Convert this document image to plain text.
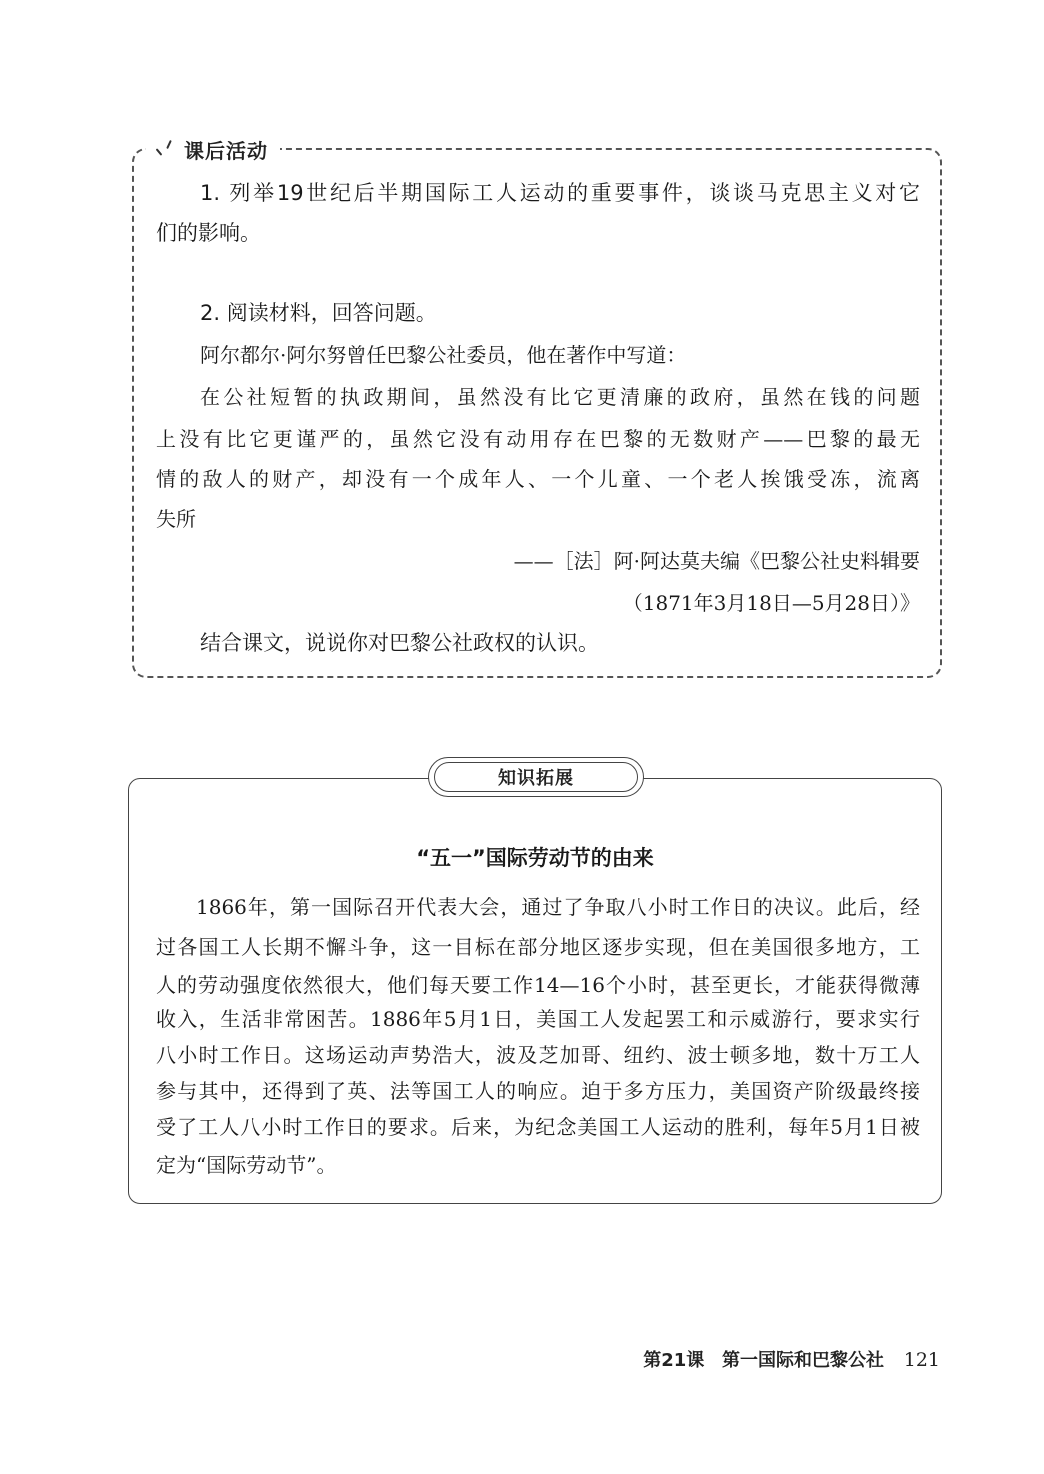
课后活动
1. 列举19世纪后半期国际工人运动的重要事件，谈谈马克思主义对它
们的影响。
2. 阅读材料，回答问题。
阿尔都尔·阿尔努曾任巴黎公社委员，他在著作中写道：
在公社短暂的执政期间，虽然没有比它更清廉的政府，虽然在钱的问题
上没有比它更谨严的，虽然它没有动用存在巴黎的无数财产——巴黎的最无
情的敌人的财产，却没有一个成年人、一个儿童、一个老人挨饿受冻，流离
失所
——［法］阿·阿达莫夫编《巴黎公社史料辑要
（1871年3月18日—5月28日）》
结合课文，说说你对巴黎公社政权的认识。
知识拓展
“五一”国际劳动节的由来
1866年，第一国际召开代表大会，通过了争取八小时工作日的决议。此后，经
过各国工人长期不懈斗争，这一目标在部分地区逐步实现，但在美国很多地方，工
人的劳动强度依然很大，他们每天要工作14—16个小时，甚至更长，才能获得微薄
收入，生活非常困苦。1886年5月1日，美国工人发起罢工和示威游行，要求实行
八小时工作日。这场运动声势浩大，波及芝加哥、纽约、波士顿多地，数十万工人
参与其中，还得到了英、法等国工人的响应。迫于多方压力，美国资产阶级最终接
受了工人八小时工作日的要求。后来，为纪念美国工人运动的胜利，每年5月1日被
定为“国际劳动节”。
第21课 第一国际和巴黎公社 121
